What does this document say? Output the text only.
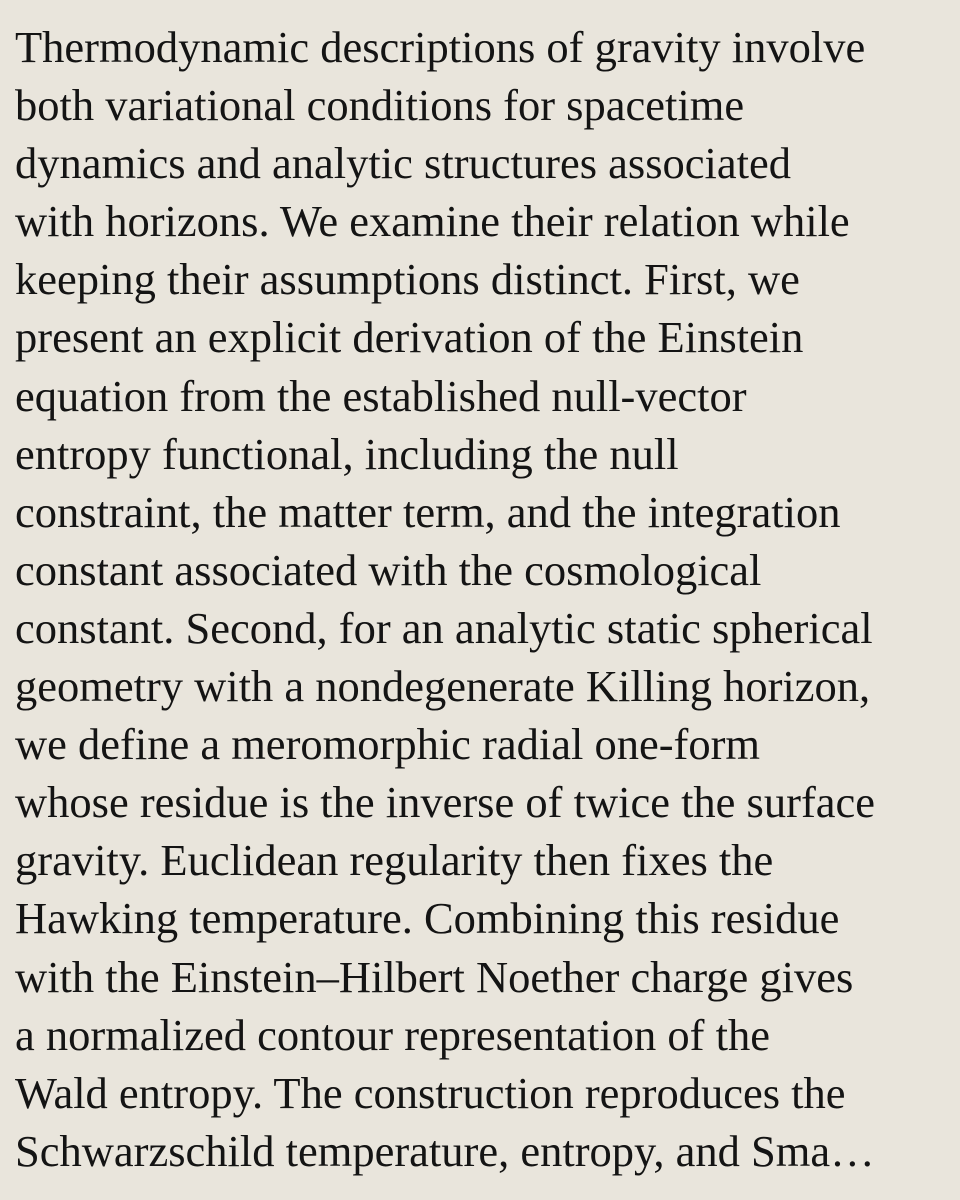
Thermodynamic descriptions of gravity involve
both variational conditions for spacetime
dynamics and analytic structures associated
with horizons. We examine their relation while
keeping their assumptions distinct. First, we
present an explicit derivation of the Einstein
equation from the established null-vector
entropy functional, including the null
constraint, the matter term, and the integration
constant associated with the cosmological
constant. Second, for an analytic static spherical
geometry with a nondegenerate Killing horizon,
we define a meromorphic radial one-form
whose residue is the inverse of twice the surface
gravity. Euclidean regularity then fixes the
Hawking temperature. Combining this residue
with the Einstein–Hilbert Noether charge gives
a normalized contour representation of the
Wald entropy. The construction reproduces the
Schwarzschild temperature, entropy, and Sma…
